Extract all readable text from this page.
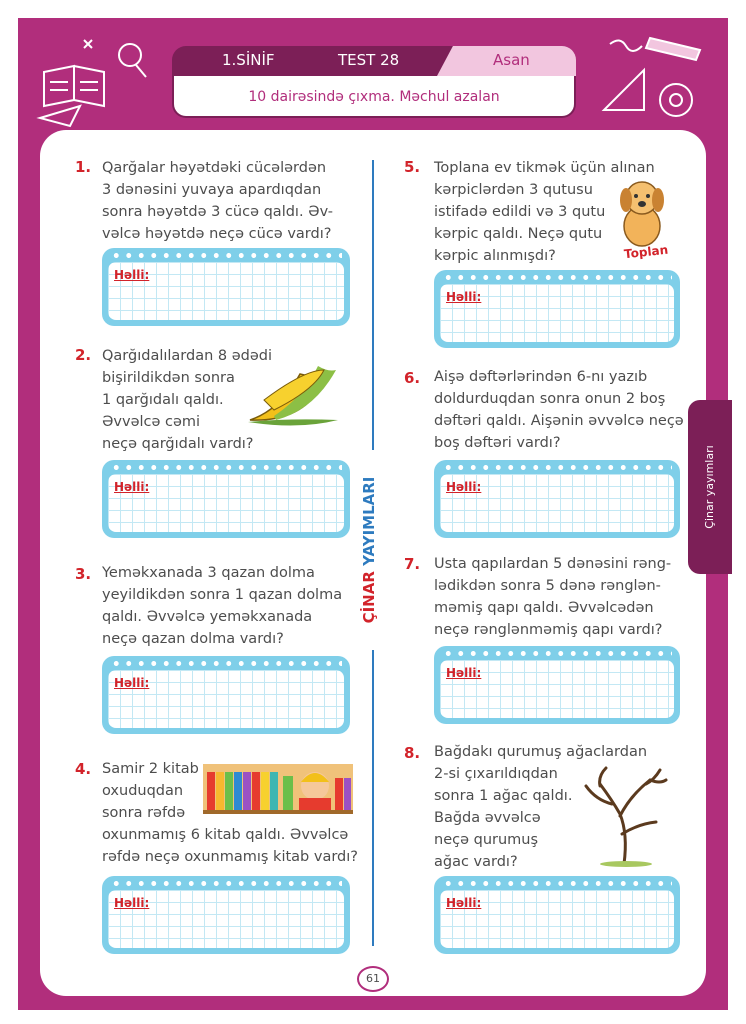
1.SİNİF	TEST 28	Asan
10 dairəsində çıxma. Məchul azalan
ÇİNAR YAYIMLARI
1. Qarğalar həyətdəki cücələrdən
3 dənəsini yuvaya apardıqdan
sonra həyətdə 3 cücə qaldı. Əv-
vəlcə həyətdə neçə cücə vardı?
Həlli:
2. Qarğıdalılardan 8 ədədi
bişirildikdən sonra
1 qarğıdalı qaldı.
Əvvəlcə cəmi
neçə qarğıdalı vardı?
Həlli:
3. Yeməkxanada 3 qazan dolma
yeyildikdən sonra 1 qazan dolma
qaldı. Əvvəlcə yeməkxanada
neçə qazan dolma vardı?
Həlli:
4. Samir 2 kitab
oxuduqdan
sonra rəfdə
oxunmamış 6 kitab qaldı. Əvvəlcə
rəfdə neçə oxunmamış kitab vardı?
Həlli:
5. Toplana ev tikmək üçün alınan
kərpiclərdən 3 qutusu
istifadə edildi və 3 qutu
kərpic qaldı. Neçə qutu
kərpic alınmışdı?	Toplan
Həlli:
6. Aişə dəftərlərindən 6-nı yazıb
doldurduqdan sonra onun 2 boş
dəftəri qaldı. Aişənin əvvəlcə neçə
boş dəftəri vardı?
Həlli:
7. Usta qapılardan 5 dənəsini rəng-
lədikdən sonra 5 dənə rənglən-
məmiş qapı qaldı. Əvvəlcədən
neçə rənglənməmiş qapı vardı?
Həlli:
8. Bağdakı qurumuş ağaclardan
2-si çıxarıldıqdan
sonra 1 ağac qaldı.
Bağda əvvəlcə
neçə qurumuş
ağac vardı?
Həlli:
Çinar yayımları
61
